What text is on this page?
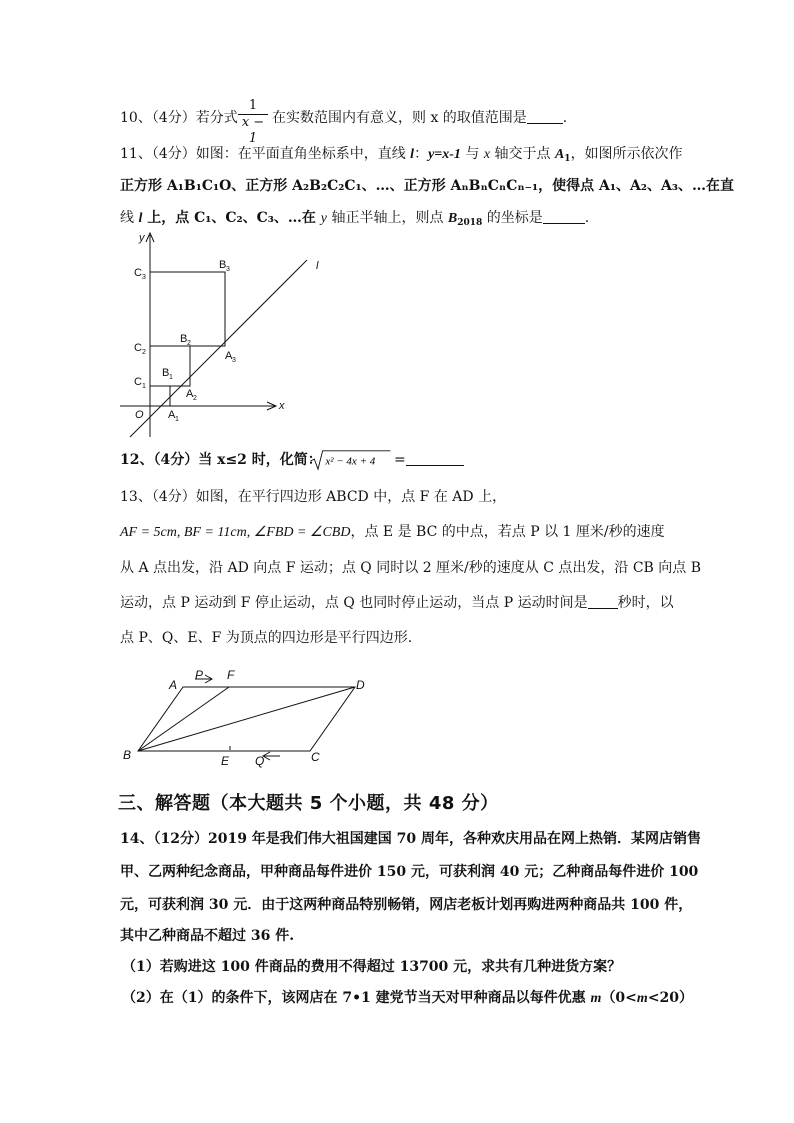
10、（4分）若分式
1
x − 1
在实数范围内有意义，则 x 的取值范围是	.
11、（4分）如图：在平面直角坐标系中，直线 l：y=x-1 与 x 轴交于点 $A_1$，如图所示依次作
正方形 A₁B₁C₁O、正方形 A₂B₂C₂C₁、…、正方形 AₙBₙCₙCₙ₋₁，使得点 A₁、A₂、A₃、…在直
线 l 上，点 C₁、C₂、C₃、…在 y 轴正半轴上，则点 $B_{2018}$ 的坐标是	.
y
x
l
O
C 1
C 2
C 3
B 1
B 2
B 3
A 1
A 2
A 3
12、（4分）当 x≤2 时，化简： x² − 4x + 4 =
13、（4分）如图，在平行四边形 ABCD 中，点 F 在 AD 上，
AF = 5cm, BF = 11cm, ∠FBD = ∠CBD，点 E 是 BC 的中点，若点 P 以 1 厘米/秒的速度
从 A 点出发，沿 AD 向点 F 运动；点 Q 同时以 2 厘米/秒的速度从 C 点出发，沿 CB 向点 B
运动，点 P 运动到 F 停止运动，点 Q 也同时停止运动，当点 P 运动时间是 秒时，以
点 P、Q、E、F 为顶点的四边形是平行四边形.
A
P F
D
B	E Q	C
三、解答题（本大题共 5 个小题，共 48 分）
14、（12分）2019 年是我们伟大祖国建国 70 周年，各种欢庆用品在网上热销．某网店销售
甲、乙两种纪念商品，甲种商品每件进价 150 元，可获利润 40 元；乙种商品每件进价 100
元，可获利润 30 元．由于这两种商品特别畅销，网店老板计划再购进两种商品共 100 件，
其中乙种商品不超过 36 件.
（1）若购进这 100 件商品的费用不得超过 13700 元，求共有几种进货方案？
（2）在（1）的条件下，该网店在 7•1 建党节当天对甲种商品以每件优惠 m（0<m<20）
